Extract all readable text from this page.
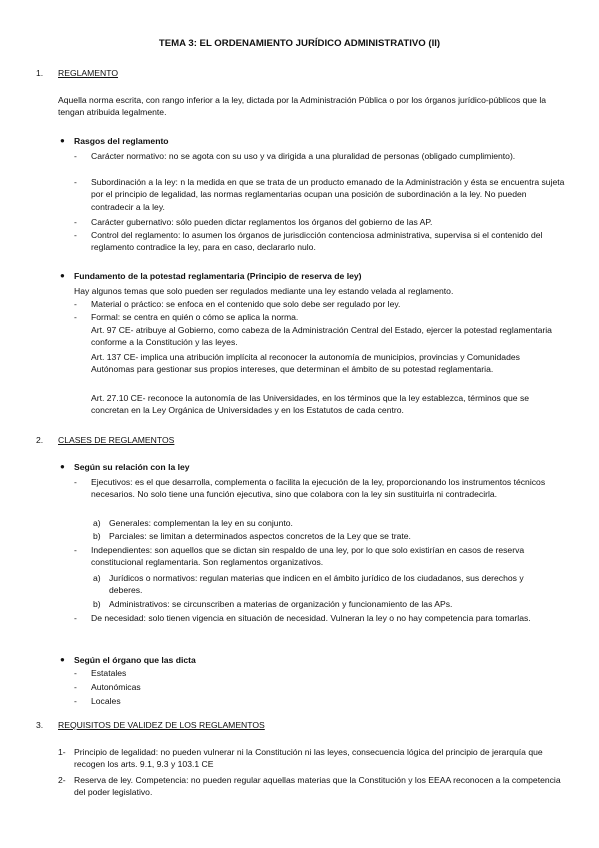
TEMA 3: EL ORDENAMIENTO JURÍDICO ADMINISTRATIVO (II)
1. REGLAMENTO
Aquella norma escrita, con rango inferior a la ley, dictada por la Administración Pública o por los órganos jurídico-públicos que la tengan atribuida legalmente.
● Rasgos del reglamento
- Carácter normativo: no se agota con su uso y va dirigida a una pluralidad de personas (obligado cumplimiento).
- Subordinación a la ley: n la medida en que se trata de un producto emanado de la Administración y ésta se encuentra sujeta por el principio de legalidad, las normas reglamentarias ocupan una posición de subordinación a la ley. No pueden contradecir a la ley.
- Carácter gubernativo: sólo pueden dictar reglamentos los órganos del gobierno de las AP.
- Control del reglamento: lo asumen los órganos de jurisdicción contenciosa administrativa, supervisa si el contenido del reglamento contradice la ley, para en caso, declararlo nulo.
● Fundamento de la potestad reglamentaria (Principio de reserva de ley)
Hay algunos temas que solo pueden ser regulados mediante una ley estando velada al reglamento.
- Material o práctico: se enfoca en el contenido que solo debe ser regulado por ley.
- Formal: se centra en quién o cómo se aplica la norma.
Art. 97 CE- atribuye al Gobierno, como cabeza de la Administración Central del Estado, ejercer la potestad reglamentaria conforme a la Constitución y las leyes.
Art. 137 CE- implica una atribución implícita al reconocer la autonomía de municipios, provincias y Comunidades Autónomas para gestionar sus propios intereses, que determinan el ámbito de su potestad reglamentaria.
Art. 27.10 CE- reconoce la autonomía de las Universidades, en los términos que la ley establezca, términos que se concretan en la Ley Orgánica de Universidades y en los Estatutos de cada centro.
2. CLASES DE REGLAMENTOS
● Según su relación con la ley
- Ejecutivos: es el que desarrolla, complementa o facilita la ejecución de la ley, proporcionando los instrumentos técnicos necesarios. No solo tiene una función ejecutiva, sino que colabora con la ley sin sustituirla ni contradecirla.
a) Generales: complementan la ley en su conjunto.
b) Parciales: se limitan a determinados aspectos concretos de la Ley que se trate.
- Independientes: son aquellos que se dictan sin respaldo de una ley, por lo que solo existirían en casos de reserva constitucional reglamentaria. Son reglamentos organizativos.
a) Jurídicos o normativos: regulan materias que indicen en el ámbito jurídico de los ciudadanos, sus derechos y deberes.
b) Administrativos: se circunscriben a materias de organización y funcionamiento de las APs.
- De necesidad: solo tienen vigencia en situación de necesidad. Vulneran la ley o no hay competencia para tomarlas.
● Según el órgano que las dicta
- Estatales
- Autonómicas
- Locales
3. REQUISITOS DE VALIDEZ DE LOS REGLAMENTOS
1- Principio de legalidad: no pueden vulnerar ni la Constitución ni las leyes, consecuencia lógica del principio de jerarquía que recogen los arts. 9.1, 9.3 y 103.1 CE
2- Reserva de ley. Competencia: no pueden regular aquellas materias que la Constitución y los EEAA reconocen a la competencia del poder legislativo.
